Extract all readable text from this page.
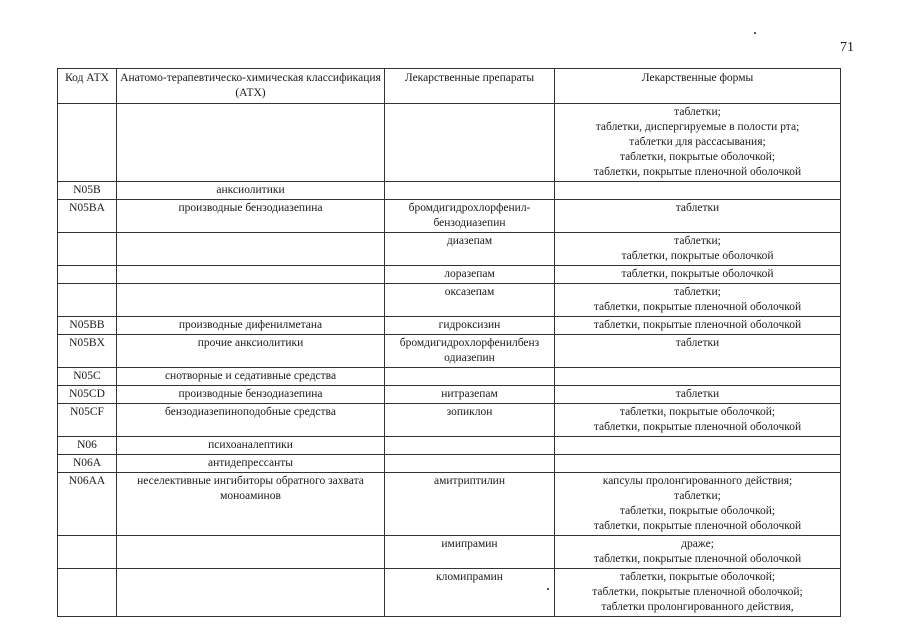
71
Код АТХ	Анатомо-терапевтическо-химическая классификация (АТХ)	Лекарственные препараты	Лекарственные формы

			таблетки;
таблетки, диспергируемые в полости рта;
таблетки для рассасывания;
таблетки, покрытые оболочкой;
таблетки, покрытые пленочной оболочкой

N05B	анксиолитики		
N05BA	производные бензодиазепина	бромдигидрохлорфенил-бензодиазепин	таблетки

		диазепам	таблетки;
таблетки, покрытые оболочкой

		лоразепам	таблетки, покрытые оболочкой

		оксазепам	таблетки;
таблетки, покрытые пленочной оболочкой

N05BB	производные дифенилметана	гидроксизин	таблетки, покрытые пленочной оболочкой

N05BX	прочие анксиолитики	бромдигидрохлорфенилбенз одиазепин	таблетки

N05C	снотворные и седативные средства		
N05CD	производные бензодиазепина	нитразепам	таблетки

N05CF	бензодиазепиноподобные средства	зопиклон	таблетки, покрытые оболочкой;
таблетки, покрытые пленочной оболочкой

N06	психоаналептики		
N06A	антидепрессанты		
N06AA	неселективные ингибиторы обратного захвата моноаминов	амитриптилин	капсулы пролонгированного действия;
таблетки;
таблетки, покрытые оболочкой;
таблетки, покрытые пленочной оболочкой

		имипрамин	драже;
таблетки, покрытые пленочной оболочкой

		кломипрамин	таблетки, покрытые оболочкой;
таблетки, покрытые пленочной оболочкой;
таблетки пролонгированного действия,
